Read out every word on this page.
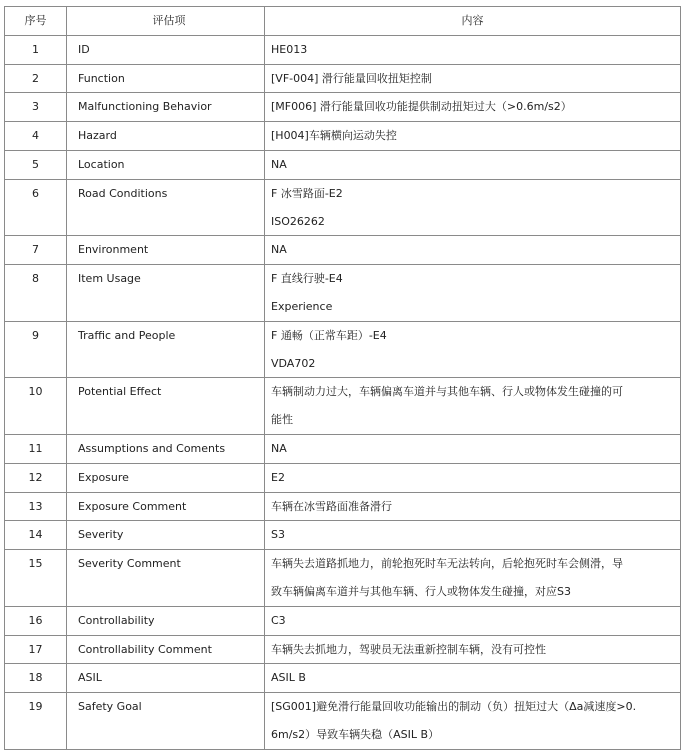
序号	评估项	内容
1	ID	HE013

2	Function	[VF-004] 滑行能量回收扭矩控制

3	Malfunctioning Behavior	[MF006] 滑行能量回收功能提供制动扭矩过大（>0.6m/s2）

4	Hazard	[H004]车辆横向运动失控

5	Location	NA

6	Road Conditions	F 冰雪路面-E2
ISO26262

7	Environment	NA

8	Item Usage	F 直线行驶-E4
Experience

9	Traffic and People	F 通畅（正常车距）-E4
VDA702

10	Potential Effect	车辆制动力过大，车辆偏离车道并与其他车辆、行人或物体发生碰撞的可
能性

11	Assumptions and Coments	NA

12	Exposure	E2

13	Exposure Comment	车辆在冰雪路面准备滑行

14	Severity	S3

15	Severity Comment	车辆失去道路抓地力，前轮抱死时车无法转向，后轮抱死时车会侧滑，导
致车辆偏离车道并与其他车辆、行人或物体发生碰撞，对应S3

16	Controllability	C3

17	Controllability Comment	车辆失去抓地力，驾驶员无法重新控制车辆，没有可控性

18	ASIL	ASIL B

19	Safety Goal	[SG001]避免滑行能量回收功能输出的制动（负）扭矩过大（Δa减速度>0.
6m/s2）导致车辆失稳（ASIL B）
